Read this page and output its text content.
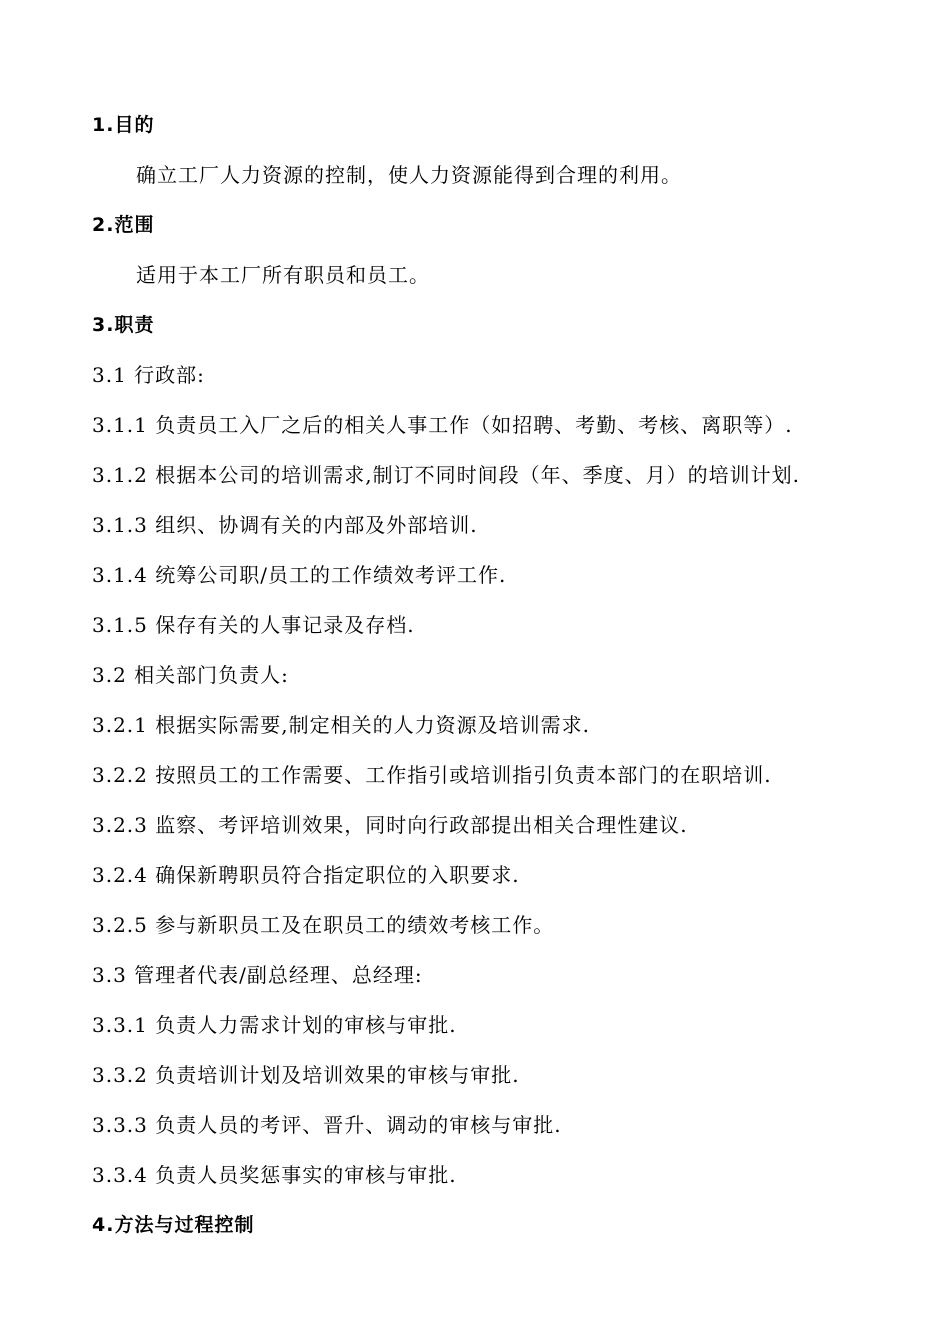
1.目的
确立工厂人力资源的控制，使人力资源能得到合理的利用。
2.范围
适用于本工厂所有职员和员工。
3.职责
3.1 行政部:
3.1.1 负责员工入厂之后的相关人事工作（如招聘、考勤、考核、离职等）.
3.1.2 根据本公司的培训需求,制订不同时间段（年、季度、月）的培训计划.
3.1.3 组织、协调有关的内部及外部培训.
3.1.4 统筹公司职/员工的工作绩效考评工作.
3.1.5 保存有关的人事记录及存档.
3.2 相关部门负责人:
3.2.1 根据实际需要,制定相关的人力资源及培训需求.
3.2.2 按照员工的工作需要、工作指引或培训指引负责本部门的在职培训.
3.2.3 监察、考评培训效果，同时向行政部提出相关合理性建议.
3.2.4 确保新聘职员符合指定职位的入职要求.
3.2.5 参与新职员工及在职员工的绩效考核工作。
3.3 管理者代表/副总经理、总经理:
3.3.1 负责人力需求计划的审核与审批.
3.3.2 负责培训计划及培训效果的审核与审批.
3.3.3 负责人员的考评、晋升、调动的审核与审批.
3.3.4 负责人员奖惩事实的审核与审批.
4.方法与过程控制
